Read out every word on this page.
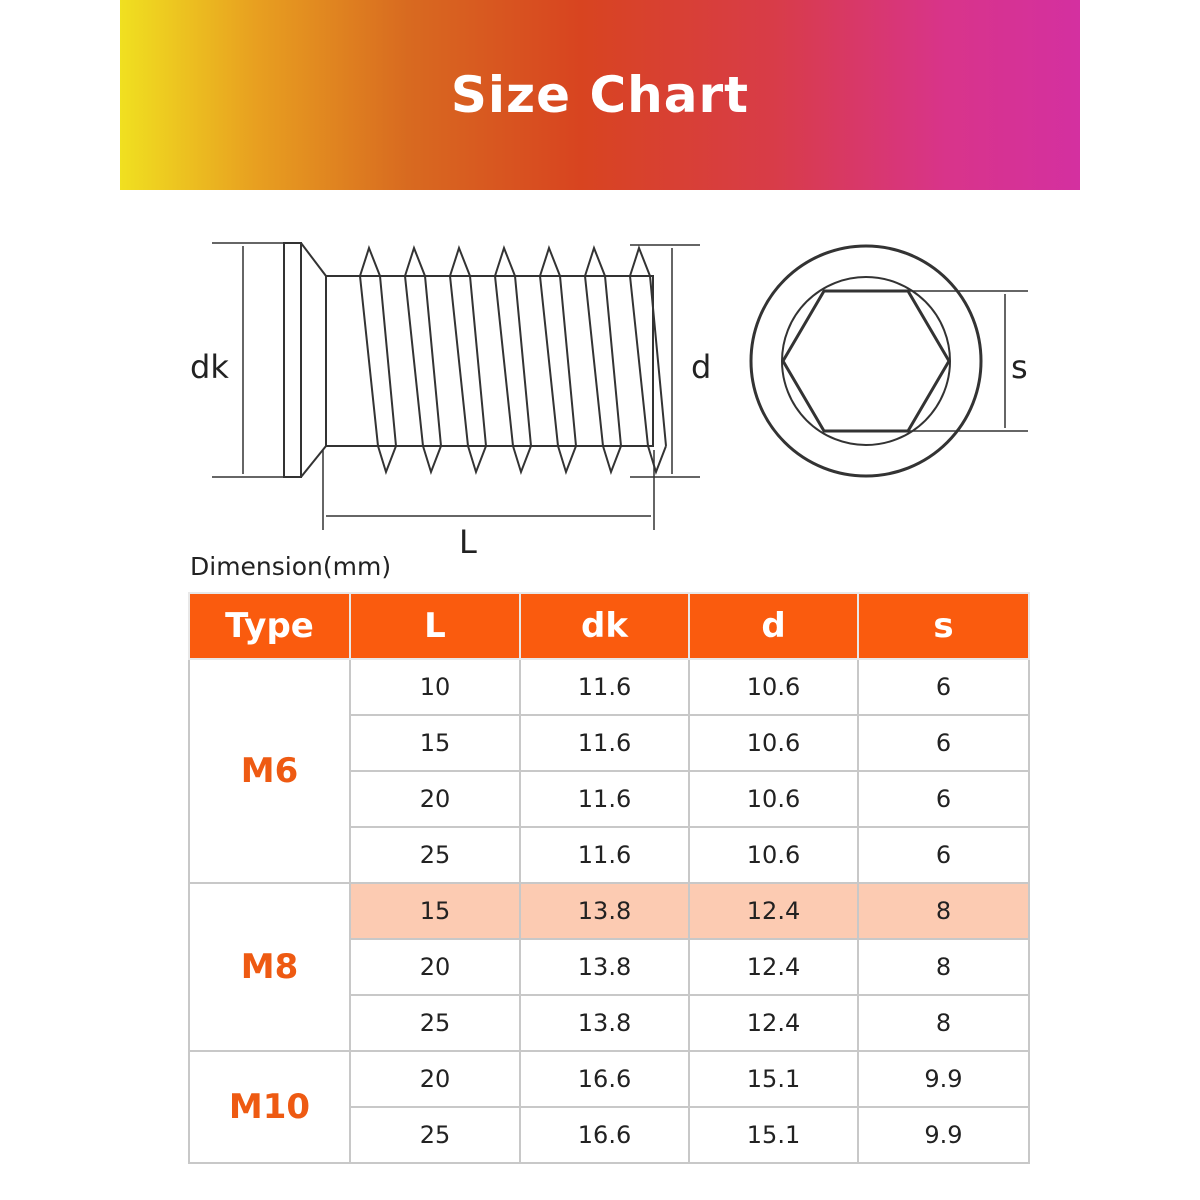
Size Chart
dk	d	s
L
Dimension(mm)
Type	L	dk	d	s
M6	10	11.6	10.6	6
	15	11.6	10.6	6
	20	11.6	10.6	6
	25	11.6	10.6	6
M8	15	13.8	12.4	8
	20	13.8	12.4	8
	25	13.8	12.4	8
M10	20	16.6	15.1	9.9
	25	16.6	15.1	9.9
